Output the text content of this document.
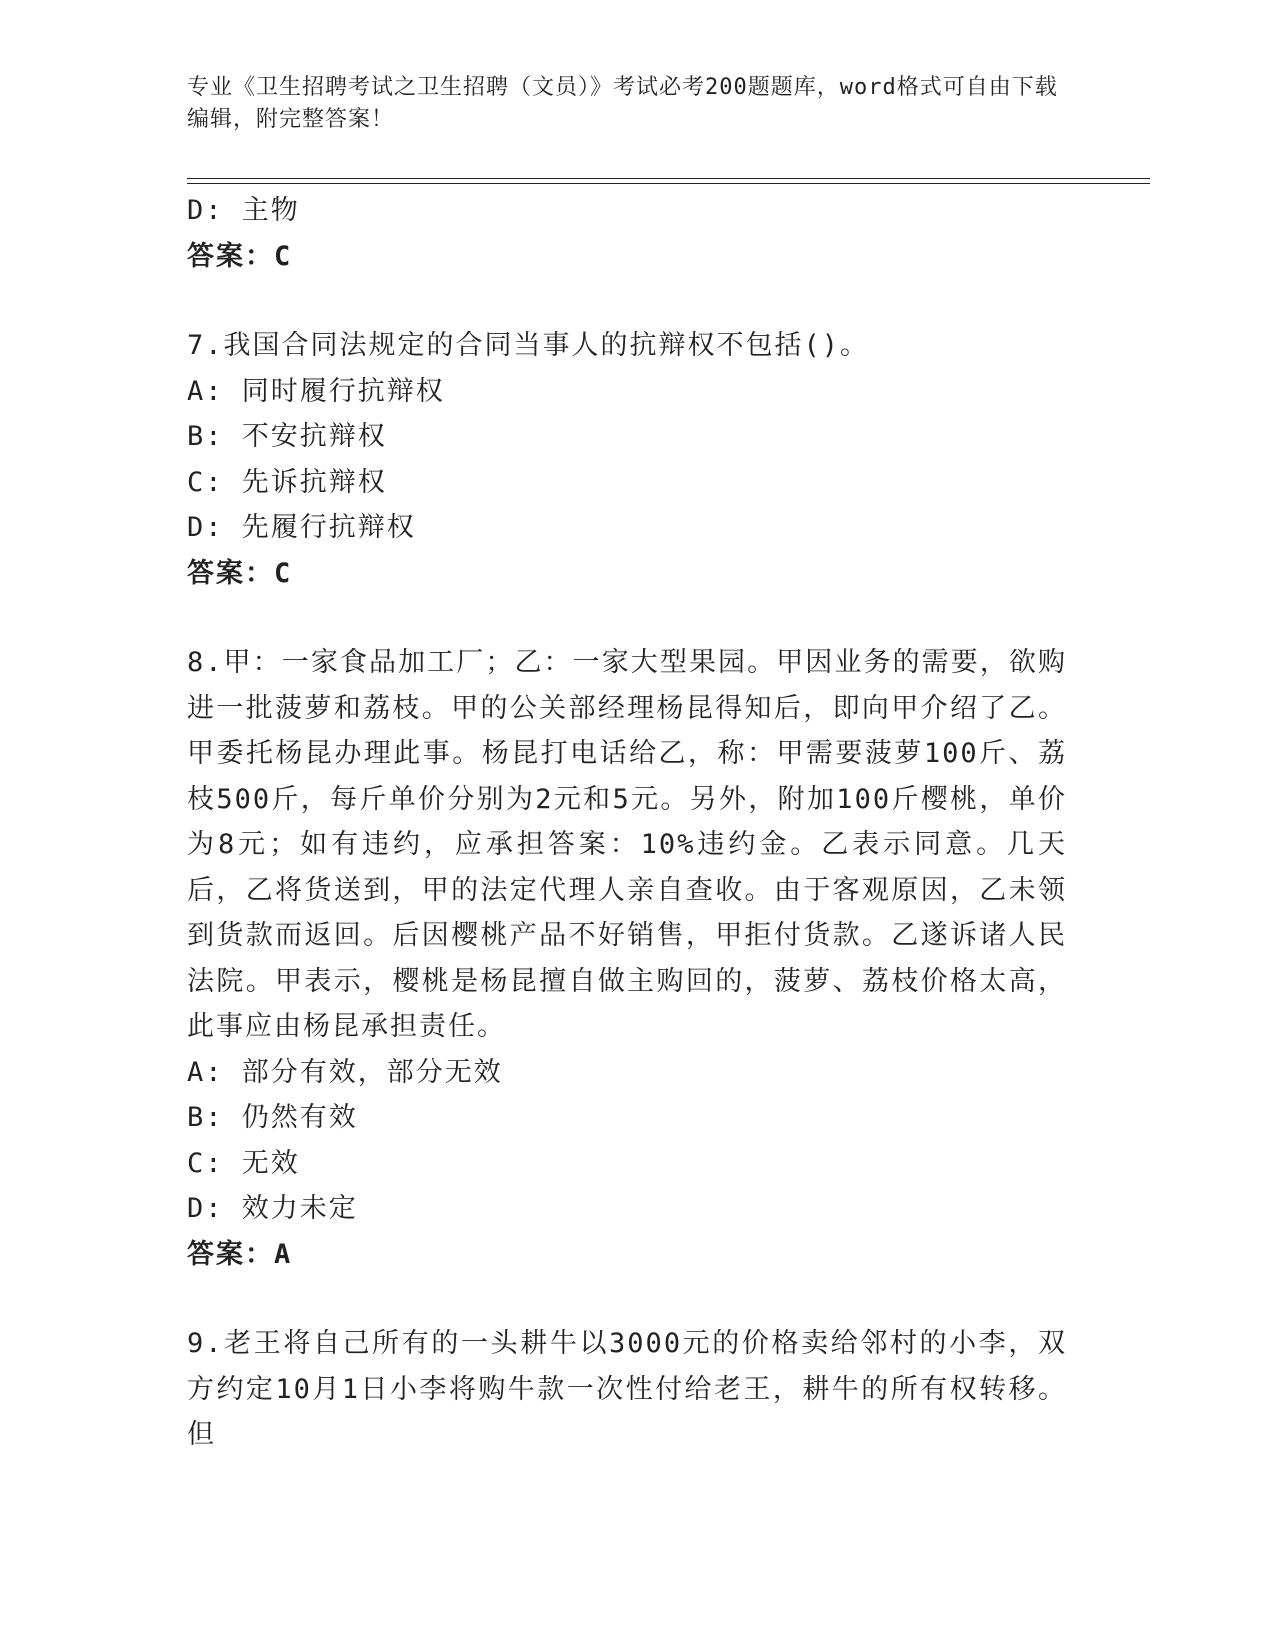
专业《卫生招聘考试之卫生招聘（文员）》考试必考200题题库，word格式可自由下载编辑，附完整答案！
D: 主物
答案：C
7.我国合同法规定的合同当事人的抗辩权不包括()。
A: 同时履行抗辩权
B: 不安抗辩权
C: 先诉抗辩权
D: 先履行抗辩权
答案：C
8.甲：一家食品加工厂；乙：一家大型果园。甲因业务的需要，欲购进一批菠萝和荔枝。甲的公关部经理杨昆得知后，即向甲介绍了乙。甲委托杨昆办理此事。杨昆打电话给乙，称：甲需要菠萝100斤、荔枝500斤，每斤单价分别为2元和5元。另外，附加100斤樱桃，单价为8元；如有违约，应承担答案：10%违约金。乙表示同意。几天后，乙将货送到，甲的法定代理人亲自查收。由于客观原因，乙未领到货款而返回。后因樱桃产品不好销售，甲拒付货款。乙遂诉诸人民法院。甲表示，樱桃是杨昆擅自做主购回的，菠萝、荔枝价格太高，此事应由杨昆承担责任。
A: 部分有效，部分无效
B: 仍然有效
C: 无效
D: 效力未定
答案：A
9.老王将自己所有的一头耕牛以3000元的价格卖给邻村的小李，双方约定10月1日小李将购牛款一次性付给老王，耕牛的所有权转移。但
